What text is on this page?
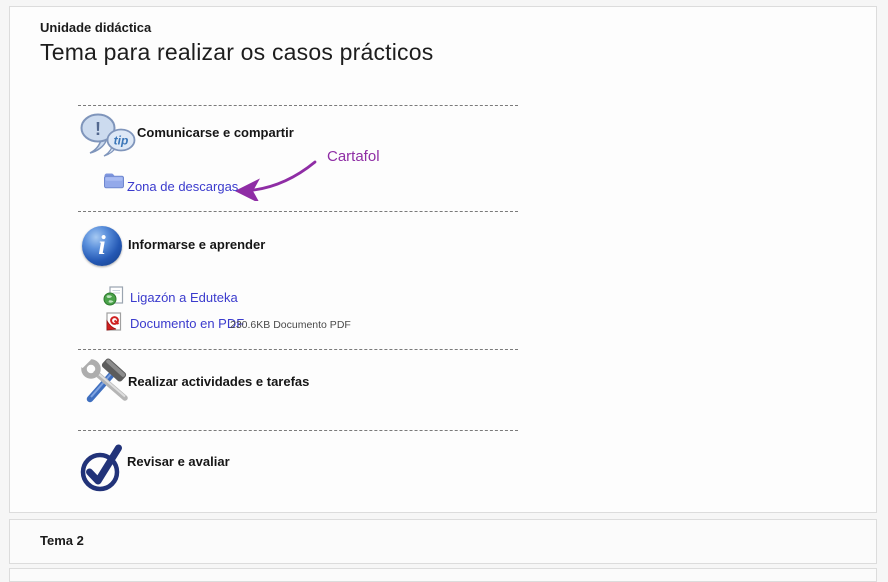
Unidade didáctica
Tema para realizar os casos prácticos
!
tip
Comunicarse e compartir
Cartafol
Zona de descargas
i Informarse e aprender
Ligazón a Eduteka
Documento en PDF
230.6KB Documento PDF
Realizar actividades e tarefas
Revisar e avaliar
Tema 2
